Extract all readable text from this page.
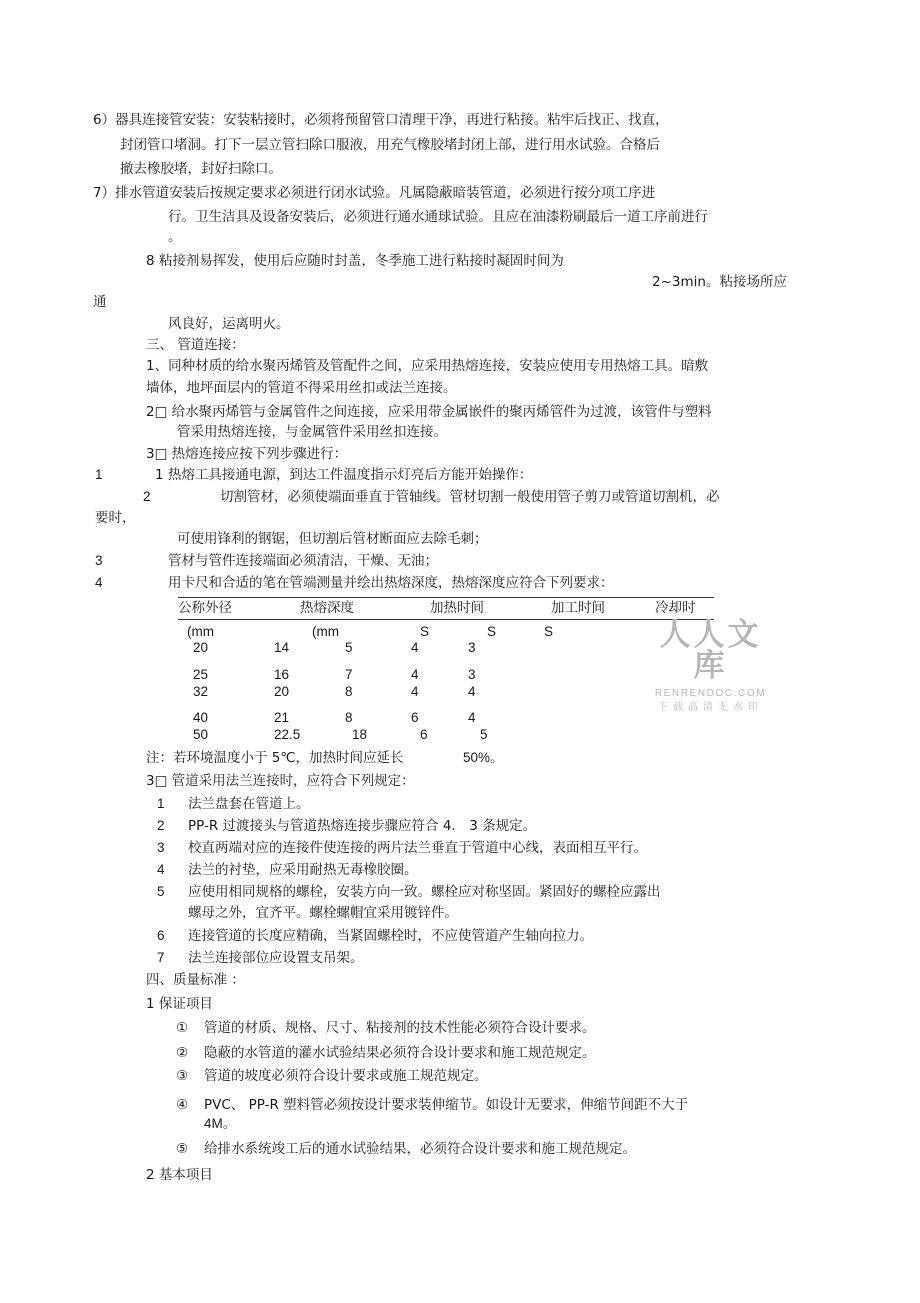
6）器具连接管安装：安装粘接时，必须将预留管口清理干净，再进行粘接。粘牢后找正、找直，
封闭管口堵洞。打下一层立管扫除口服液，用充气橡胶堵封闭上部，进行用水试验。合格后
撤去橡胶堵，封好扫除口。
7）排水管道安装后按规定要求必须进行闭水试验。凡属隐蔽暗装管道，必须进行按分项工序进
行。卫生洁具及设备安装后，必须进行通水通球试验。且应在油漆粉刷最后一道工序前进行
。
8 粘接剂易挥发，使用后应随时封盖，冬季施工进行粘接时凝固时间为
2~3min。粘接场所应
通
风良好，运离明火。
三、 管道连接：
1、同种材质的给水聚丙烯管及管配件之间，应采用热熔连接，安装应使用专用热熔工具。暗敷
墙体，地坪面层内的管道不得采用丝扣或法兰连接。
2□ 给水聚丙烯管与金属管件之间连接，应采用带金属嵌件的聚丙烯管件为过渡，该管件与塑料
管采用热熔连接，与金属管件采用丝扣连接。
3□ 热熔连接应按下列步骤进行：
1	1 热熔工具接通电源，到达工件温度指示灯亮后方能开始操作：
2	切割管材，必须使端面垂直于管轴线。管材切割一般使用管子剪刀或管道切割机，必
要时，
可使用锋利的钢锯，但切割后管材断面应去除毛刺；
3	管材与管件连接端面必须清洁，干燥、无油；
4	用卡尺和合适的笔在管端测量并绘出热熔深度，热熔深度应符合下列要求：
公称外径	热熔深度	加热时间	加工时间	冷却时
(mm	(mm	S	S	S
20	14	5	4	3
25	16	7	4	3
32	20	8	4	4
40	21	8	6	4
50	22.5	18	6	5
人人文库
RENRENDOC.COM
下载高清无水印
注：若环境温度小于 5℃，加热时间应延长	50%。
3□ 管道采用法兰连接时，应符合下列规定：
1 法兰盘套在管道上。
2 PP-R 过渡接头与管道热熔连接步骤应符合 4． 3 条规定。
3 校直两端对应的连接件使连接的两片法兰垂直于管道中心线，表面相互平行。
4 法兰的衬垫，应采用耐热无毒橡胶圈。
5 应使用相同规格的螺栓，安装方向一致。螺栓应对称坚固。紧固好的螺栓应露出
螺母之外，宜齐平。螺栓螺帽宜采用镀锌件。
6 连接管道的长度应精确，当紧固螺栓时，不应使管道产生轴向拉力。
7 法兰连接部位应设置支吊架。
四、质量标准 ：
1 保证项目
① 管道的材质、规格、尺寸、粘接剂的技术性能必须符合设计要求。
② 隐蔽的水管道的灌水试验结果必须符合设计要求和施工规范规定。
③ 管道的坡度必须符合设计要求或施工规范规定。
④ PVC、 PP-R 塑料管必须按设计要求装伸缩节。如设计无要求，伸缩节间距不大于
4M。
⑤ 给排水系统竣工后的通水试验结果，必须符合设计要求和施工规范规定。
2 基本项目
